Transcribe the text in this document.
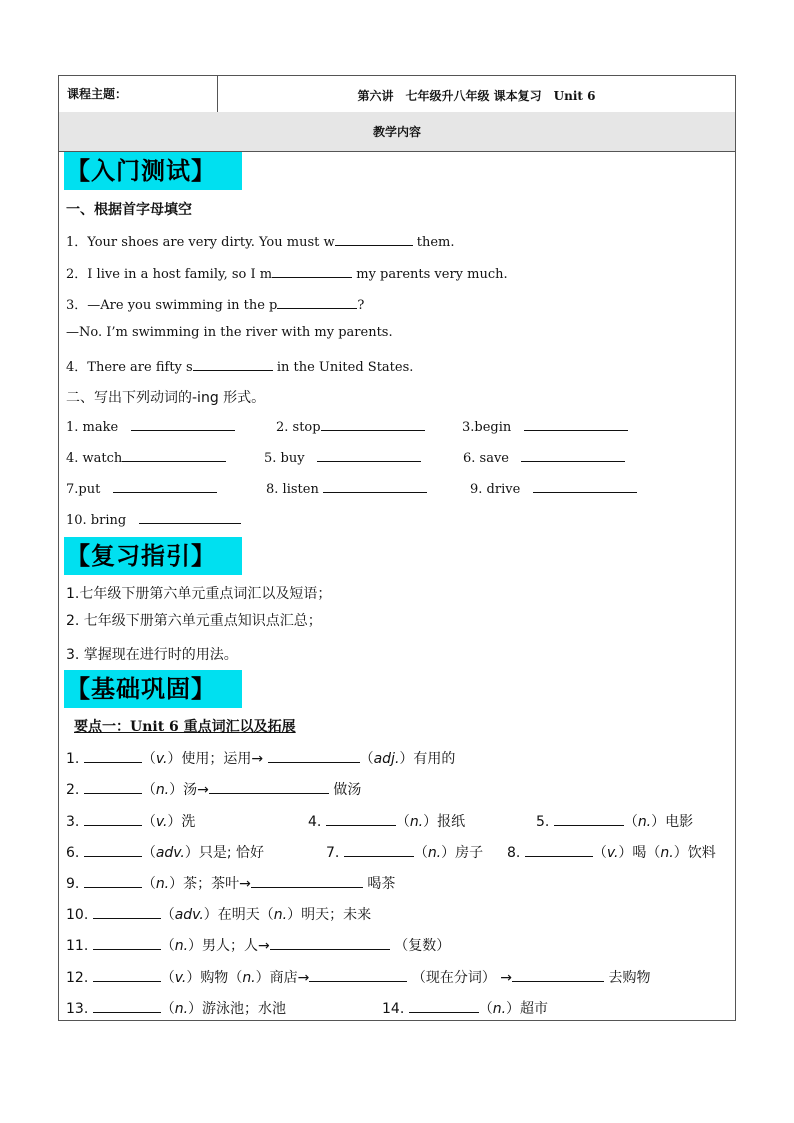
课程主题：	第六讲　七年级升八年级 课本复习　Unit 6
教学内容
【入门测试】
一、根据首字母填空
1．Your shoes are very dirty. You must w	them.
2．I live in a host family, so I m	my parents very much.
3．—Are you swimming in the p	?
—No. I’m swimming in the river with my parents.
4．There are fifty s	in the United States.
二、写出下列动词的-ing 形式。
1. make	2. stop	3.begin
4. watch	5. buy	6. save
7.put	8. listen	9. drive
10. bring
【复习指引】
1.七年级下册第六单元重点词汇以及短语；
2. 七年级下册第六单元重点知识点汇总；
3. 掌握现在进行时的用法。
【基础巩固】
要点一：Unit 6 重点词汇以及拓展
1.	（v.）使用；运用→	（adj.）有用的
2.	（n.）汤→	做汤
3.	（v.）洗	4.	（n.）报纸	5.	（n.）电影
6.	（adv.）只是; 恰好	7.	（n.）房子 8.	（v.）喝（n.）饮料
9.	（n.）茶；茶叶→	喝茶
10.	（adv.）在明天（n.）明天；未来
11.	（n.）男人；人→	（复数）
12.	（v.）购物（n.）商店→	（现在分词） →	去购物
13.	（n.）游泳池；水池	14.	（n.）超市
